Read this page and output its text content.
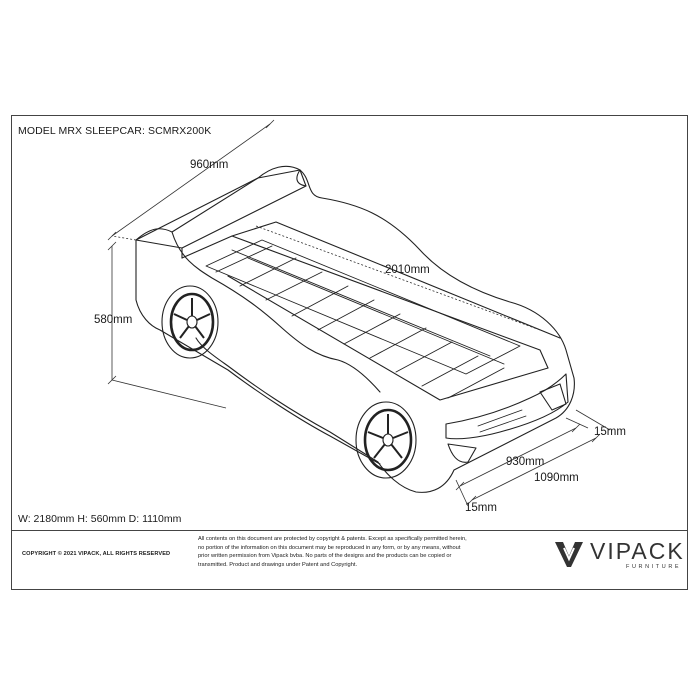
MODEL MRX SLEEPCAR: SCMRX200K
960mm
580mm
2010mm
15mm
930mm
1090mm
15mm
W: 2180mm H: 560mm D: 1110mm
COPYRIGHT © 2021 VIPACK, ALL RIGHTS RESERVED
All contents on this document are protected by copyright & patents. Except as specifically permitted herein,
no portion of the information on this document may be reproduced in any form, or by any means, without
prior written permission from Vipack bvba. No parts of the designs and the products can be copied or
transmitted. Product and drawings under Patent and Copyright.
VIPACK
FURNITURE
